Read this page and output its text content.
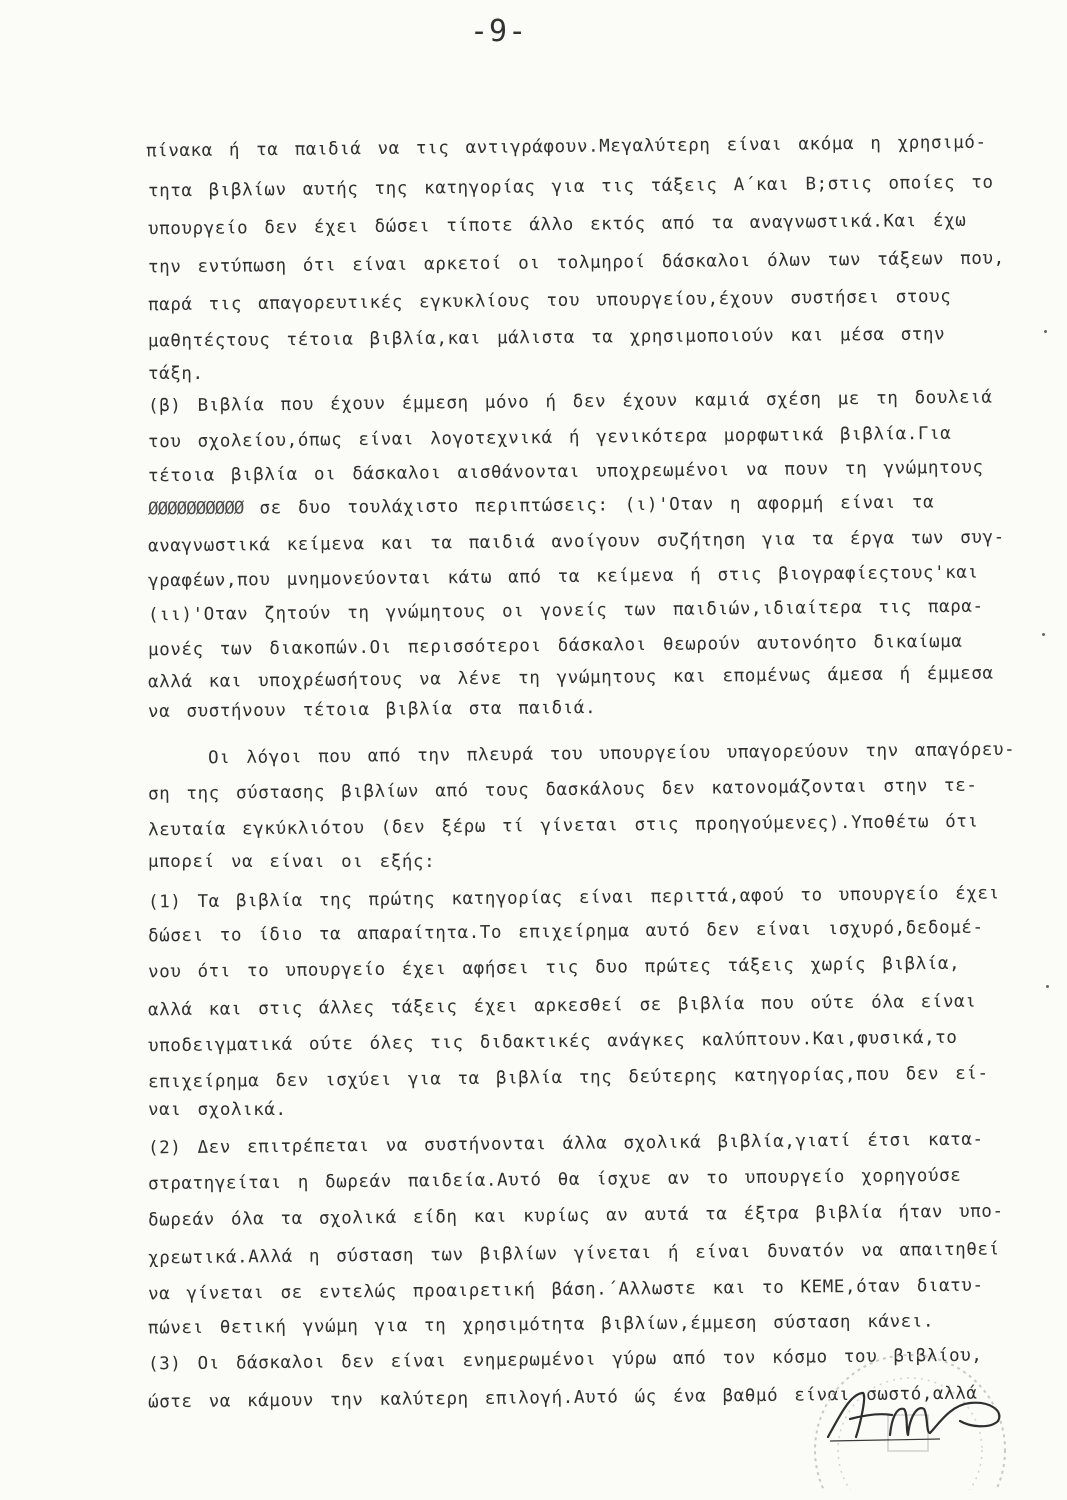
-9-
πίνακα ή τα παιδιά να τις αντιγράφουν.Μεγαλύτερη είναι ακόμα η χρησιμό-
τητα βιβλίων αυτής της κατηγορίας για τις τάξεις Α΄και Β;στις οποίες το
υπουργείο δεν έχει δώσει τίποτε άλλο εκτός από τα αναγνωστικά.Και έχω
την εντύπωση ότι είναι αρκετοί οι τολμηροί δάσκαλοι όλων των τάξεων που,
παρά τις απαγορευτικές εγκυκλίους του υπουργείου,έχουν συστήσει στους
μαθητέςτους τέτοια βιβλία,και μάλιστα τα χρησιμοποιούν και μέσα στην
τάξη.
(β) Βιβλία που έχουν έμμεση μόνο ή δεν έχουν καμιά σχέση με τη δουλειά
του σχολείου,όπως είναι λογοτεχνικά ή γενικότερα μορφωτικά βιβλία.Για
τέτοια βιβλία οι δάσκαλοι αισθάνονται υποχρεωμένοι να πουν τη γνώμητους
ØØØØØØØØØØ σε δυο τουλάχιστο περιπτώσεις: (ι)'Οταν η αφορμή είναι τα
αναγνωστικά κείμενα και τα παιδιά ανοίγουν συζήτηση για τα έργα των συγ-
γραφέων,που μνημονεύονται κάτω από τα κείμενα ή στις βιογραφίεςτους'και
(ιι)'Οταν ζητούν τη γνώμητους οι γονείς των παιδιών,ιδιαίτερα τις παρα-
μονές των διακοπών.Οι περισσότεροι δάσκαλοι θεωρούν αυτονόητο δικαίωμα
αλλά και υποχρέωσήτους να λένε τη γνώμητους και επομένως άμεσα ή έμμεσα
να συστήνουν τέτοια βιβλία στα παιδιά.
Οι λόγοι που από την πλευρά του υπουργείου υπαγορεύουν την απαγόρευ-
ση της σύστασης βιβλίων από τους δασκάλους δεν κατονομάζονται στην τε-
λευταία εγκύκλιότου (δεν ξέρω τί γίνεται στις προηγούμενες).Υποθέτω ότι
μπορεί να είναι οι εξής:
(1) Τα βιβλία της πρώτης κατηγορίας είναι περιττά,αφού το υπουργείο έχει
δώσει το ίδιο τα απαραίτητα.Το επιχείρημα αυτό δεν είναι ισχυρό,δεδομέ-
νου ότι το υπουργείο έχει αφήσει τις δυο πρώτες τάξεις χωρίς βιβλία,
αλλά και στις άλλες τάξεις έχει αρκεσθεί σε βιβλία που ούτε όλα είναι
υποδειγματικά ούτε όλες τις διδακτικές ανάγκες καλύπτουν.Και,φυσικά,το
επιχείρημα δεν ισχύει για τα βιβλία της δεύτερης κατηγορίας,που δεν εί-
ναι σχολικά.
(2) Δεν επιτρέπεται να συστήνονται άλλα σχολικά βιβλία,γιατί έτσι κατα-
στρατηγείται η δωρεάν παιδεία.Αυτό θα ίσχυε αν το υπουργείο χορηγούσε
δωρεάν όλα τα σχολικά είδη και κυρίως αν αυτά τα έξτρα βιβλία ήταν υπο-
χρεωτικά.Αλλά η σύσταση των βιβλίων γίνεται ή είναι δυνατόν να απαιτηθεί
να γίνεται σε εντελώς προαιρετική βάση.΄Αλλωστε και το ΚΕΜΕ,όταν διατυ-
πώνει θετική γνώμη για τη χρησιμότητα βιβλίων,έμμεση σύσταση κάνει.
(3) Οι δάσκαλοι δεν είναι ενημερωμένοι γύρω από τον κόσμο του βιβλίου,
ώστε να κάμουν την καλύτερη επιλογή.Αυτό ώς ένα βαθμό είναι σωστό,αλλά
